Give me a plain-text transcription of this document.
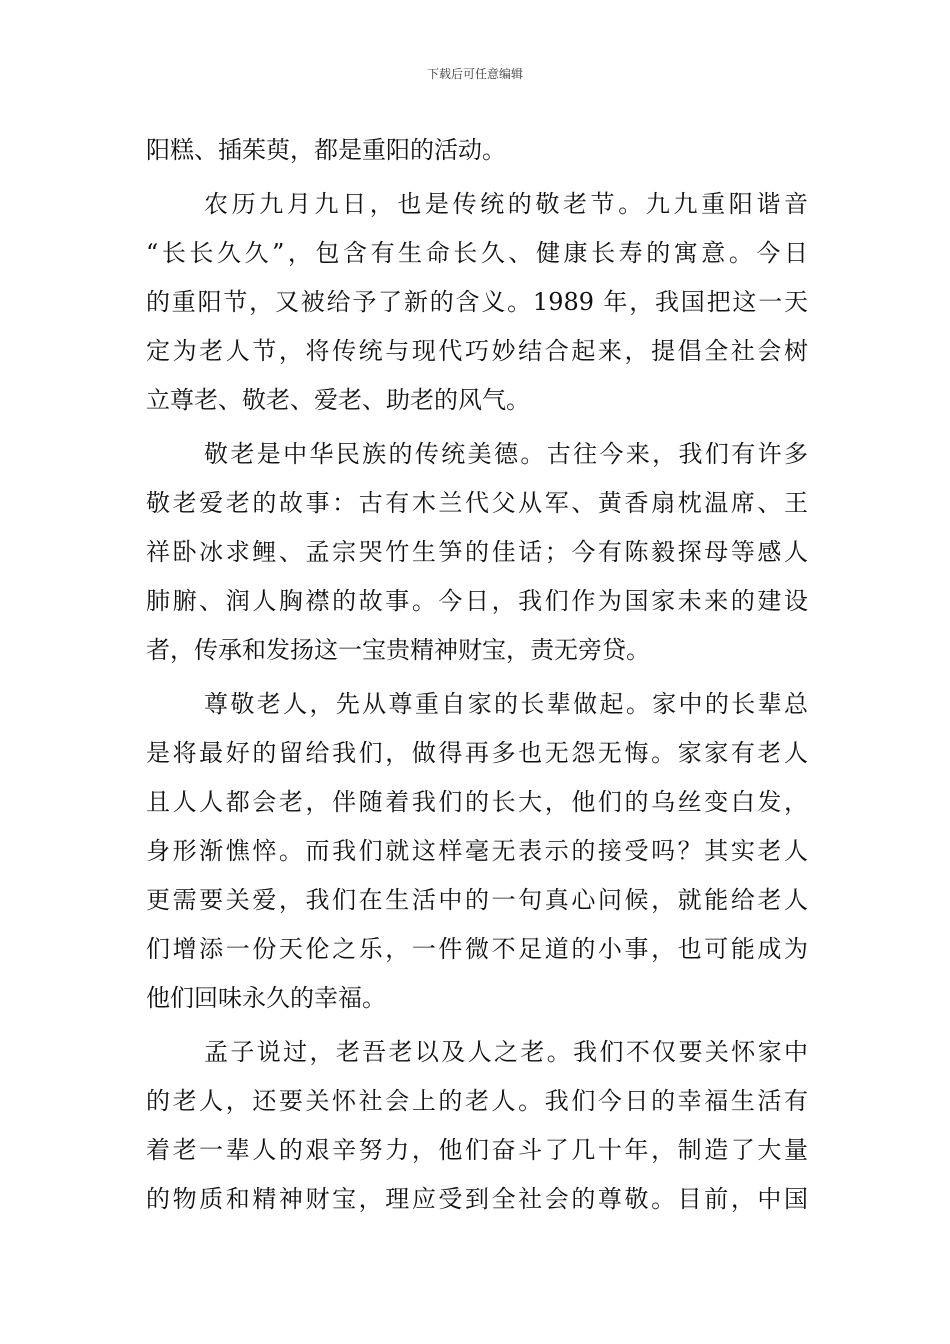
下载后可任意编辑
阳糕、插茱萸，都是重阳的活动。
农历九月九日，也是传统的敬老节。九九重阳谐音
“长长久久”，包含有生命长久、健康长寿的寓意。今日
的重阳节，又被给予了新的含义。1989 年，我国把这一天
定为老人节，将传统与现代巧妙结合起来，提倡全社会树
立尊老、敬老、爱老、助老的风气。
敬老是中华民族的传统美德。古往今来，我们有许多
敬老爱老的故事：古有木兰代父从军、黄香扇枕温席、王
祥卧冰求鲤、孟宗哭竹生笋的佳话；今有陈毅探母等感人
肺腑、润人胸襟的故事。今日，我们作为国家未来的建设
者，传承和发扬这一宝贵精神财宝，责无旁贷。
尊敬老人，先从尊重自家的长辈做起。家中的长辈总
是将最好的留给我们，做得再多也无怨无悔。家家有老人
且人人都会老，伴随着我们的长大，他们的乌丝变白发，
身形渐憔悴。而我们就这样毫无表示的接受吗？其实老人
更需要关爱，我们在生活中的一句真心问候，就能给老人
们增添一份天伦之乐，一件微不足道的小事，也可能成为
他们回味永久的幸福。
孟子说过，老吾老以及人之老。我们不仅要关怀家中
的老人，还要关怀社会上的老人。我们今日的幸福生活有
着老一辈人的艰辛努力，他们奋斗了几十年，制造了大量
的物质和精神财宝，理应受到全社会的尊敬。目前，中国
